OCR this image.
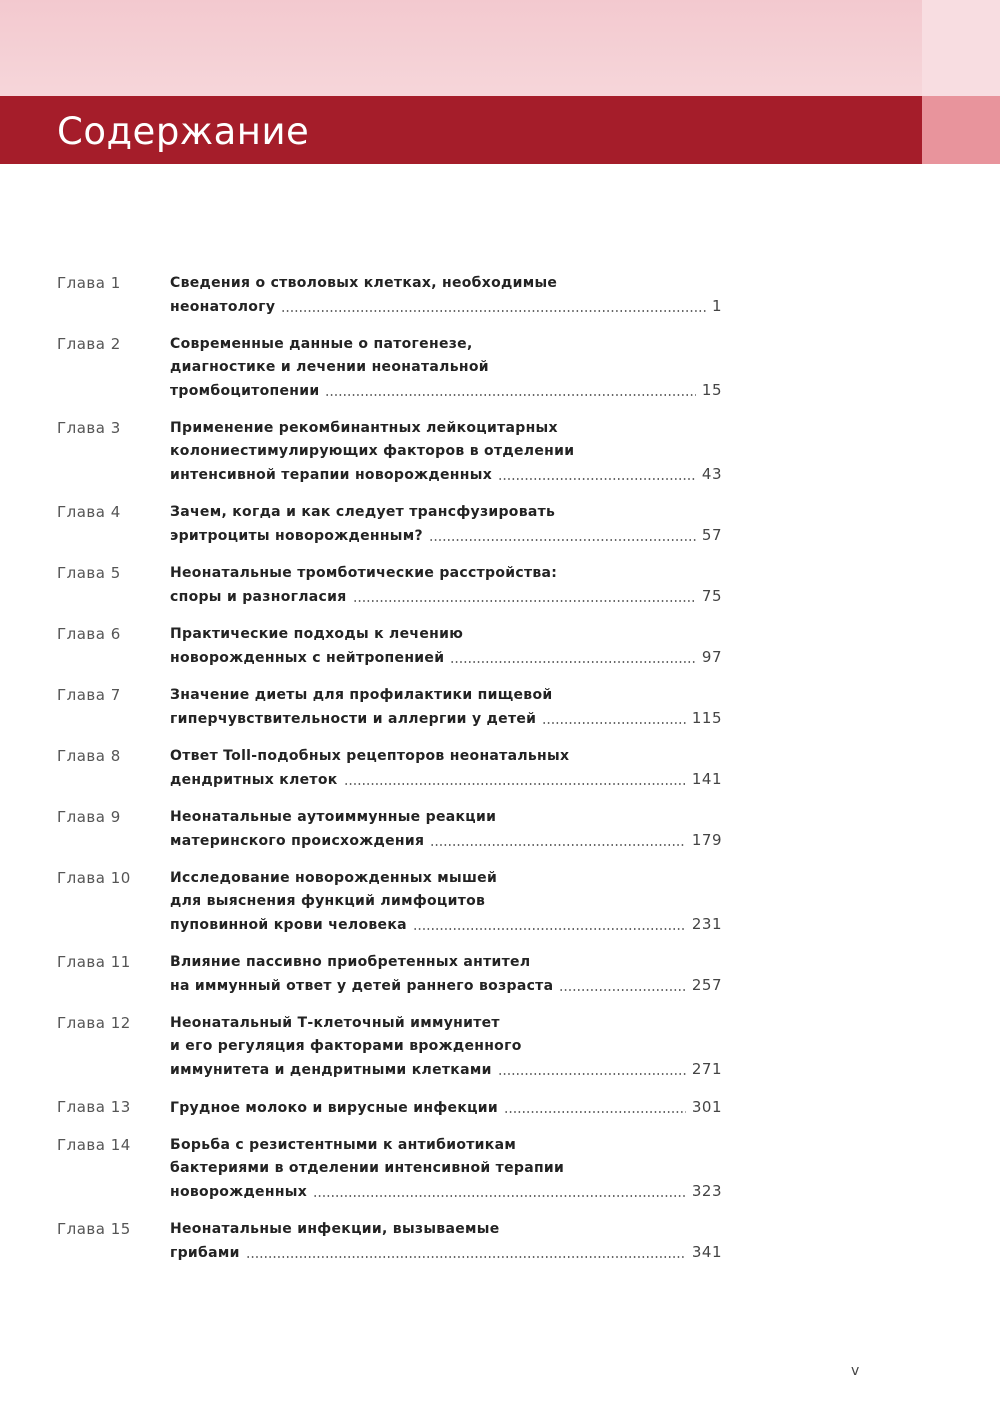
Содержание
Глава 1	Сведения о стволовых клетках, необходимые
неонатологу	1
Глава 2	Современные данные о патогенезе,
диагностике и лечении неонатальной
тромбоцитопении	15
Глава 3	Применение рекомбинантных лейкоцитарных
колониестимулирующих факторов в отделении
интенсивной терапии новорожденных	43
Глава 4	Зачем, когда и как следует трансфузировать
эритроциты новорожденным?	57
Глава 5	Неонатальные тромботические расстройства:
споры и разногласия	75
Глава 6	Практические подходы к лечению
новорожденных с нейтропенией	97
Глава 7	Значение диеты для профилактики пищевой
гиперчувствительности и аллергии у детей	115
Глава 8	Ответ Toll-подобных рецепторов неонатальных
дендритных клеток	141
Глава 9	Неонатальные аутоиммунные реакции
материнского происхождения	179
Глава 10	Исследование новорожденных мышей
для выяснения функций лимфоцитов
пуповинной крови человека	231
Глава 11	Влияние пассивно приобретенных антител
на иммунный ответ у детей раннего возраста	257
Глава 12	Неонатальный Т-клеточный иммунитет
и его регуляция факторами врожденного
иммунитета и дендритными клетками	271
Глава 13	Грудное молоко и вирусные инфекции	301
Глава 14	Борьба с резистентными к антибиотикам
бактериями в отделении интенсивной терапии
новорожденных	323
Глава 15	Неонатальные инфекции, вызываемые
грибами	341
v
